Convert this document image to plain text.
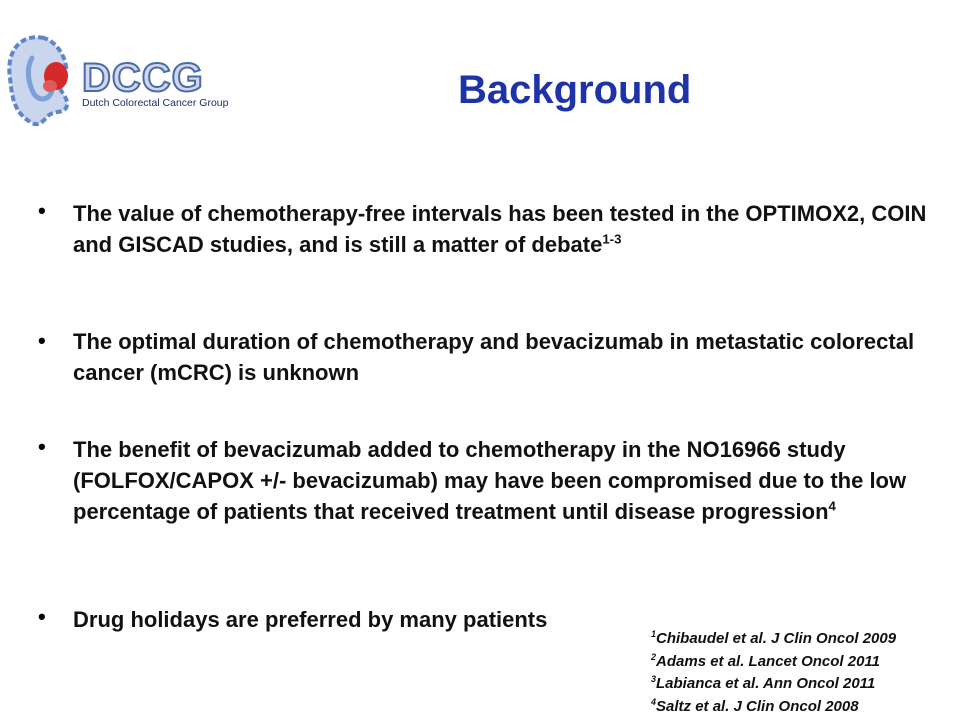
DCCG
Dutch Colorectal Cancer Group	Background
• The value of chemotherapy-free intervals has been tested in the OPTIMOX2, COIN and GISCAD studies, and is still a matter of debate$^{1-3}$
• The optimal duration of chemotherapy and bevacizumab in metastatic colorectal cancer (mCRC) is unknown
• The benefit of bevacizumab added to chemotherapy in the NO16966 study (FOLFOX/CAPOX +/- bevacizumab) may have been compromised due to the low percentage of patients that received treatment until disease progression$^4$
• Drug holidays are preferred by many patients
$^1$Chibaudel et al. J Clin Oncol 2009
$^2$Adams et al. Lancet Oncol 2011
$^3$Labianca et al. Ann Oncol 2011
$^4$Saltz et al. J Clin Oncol 2008
